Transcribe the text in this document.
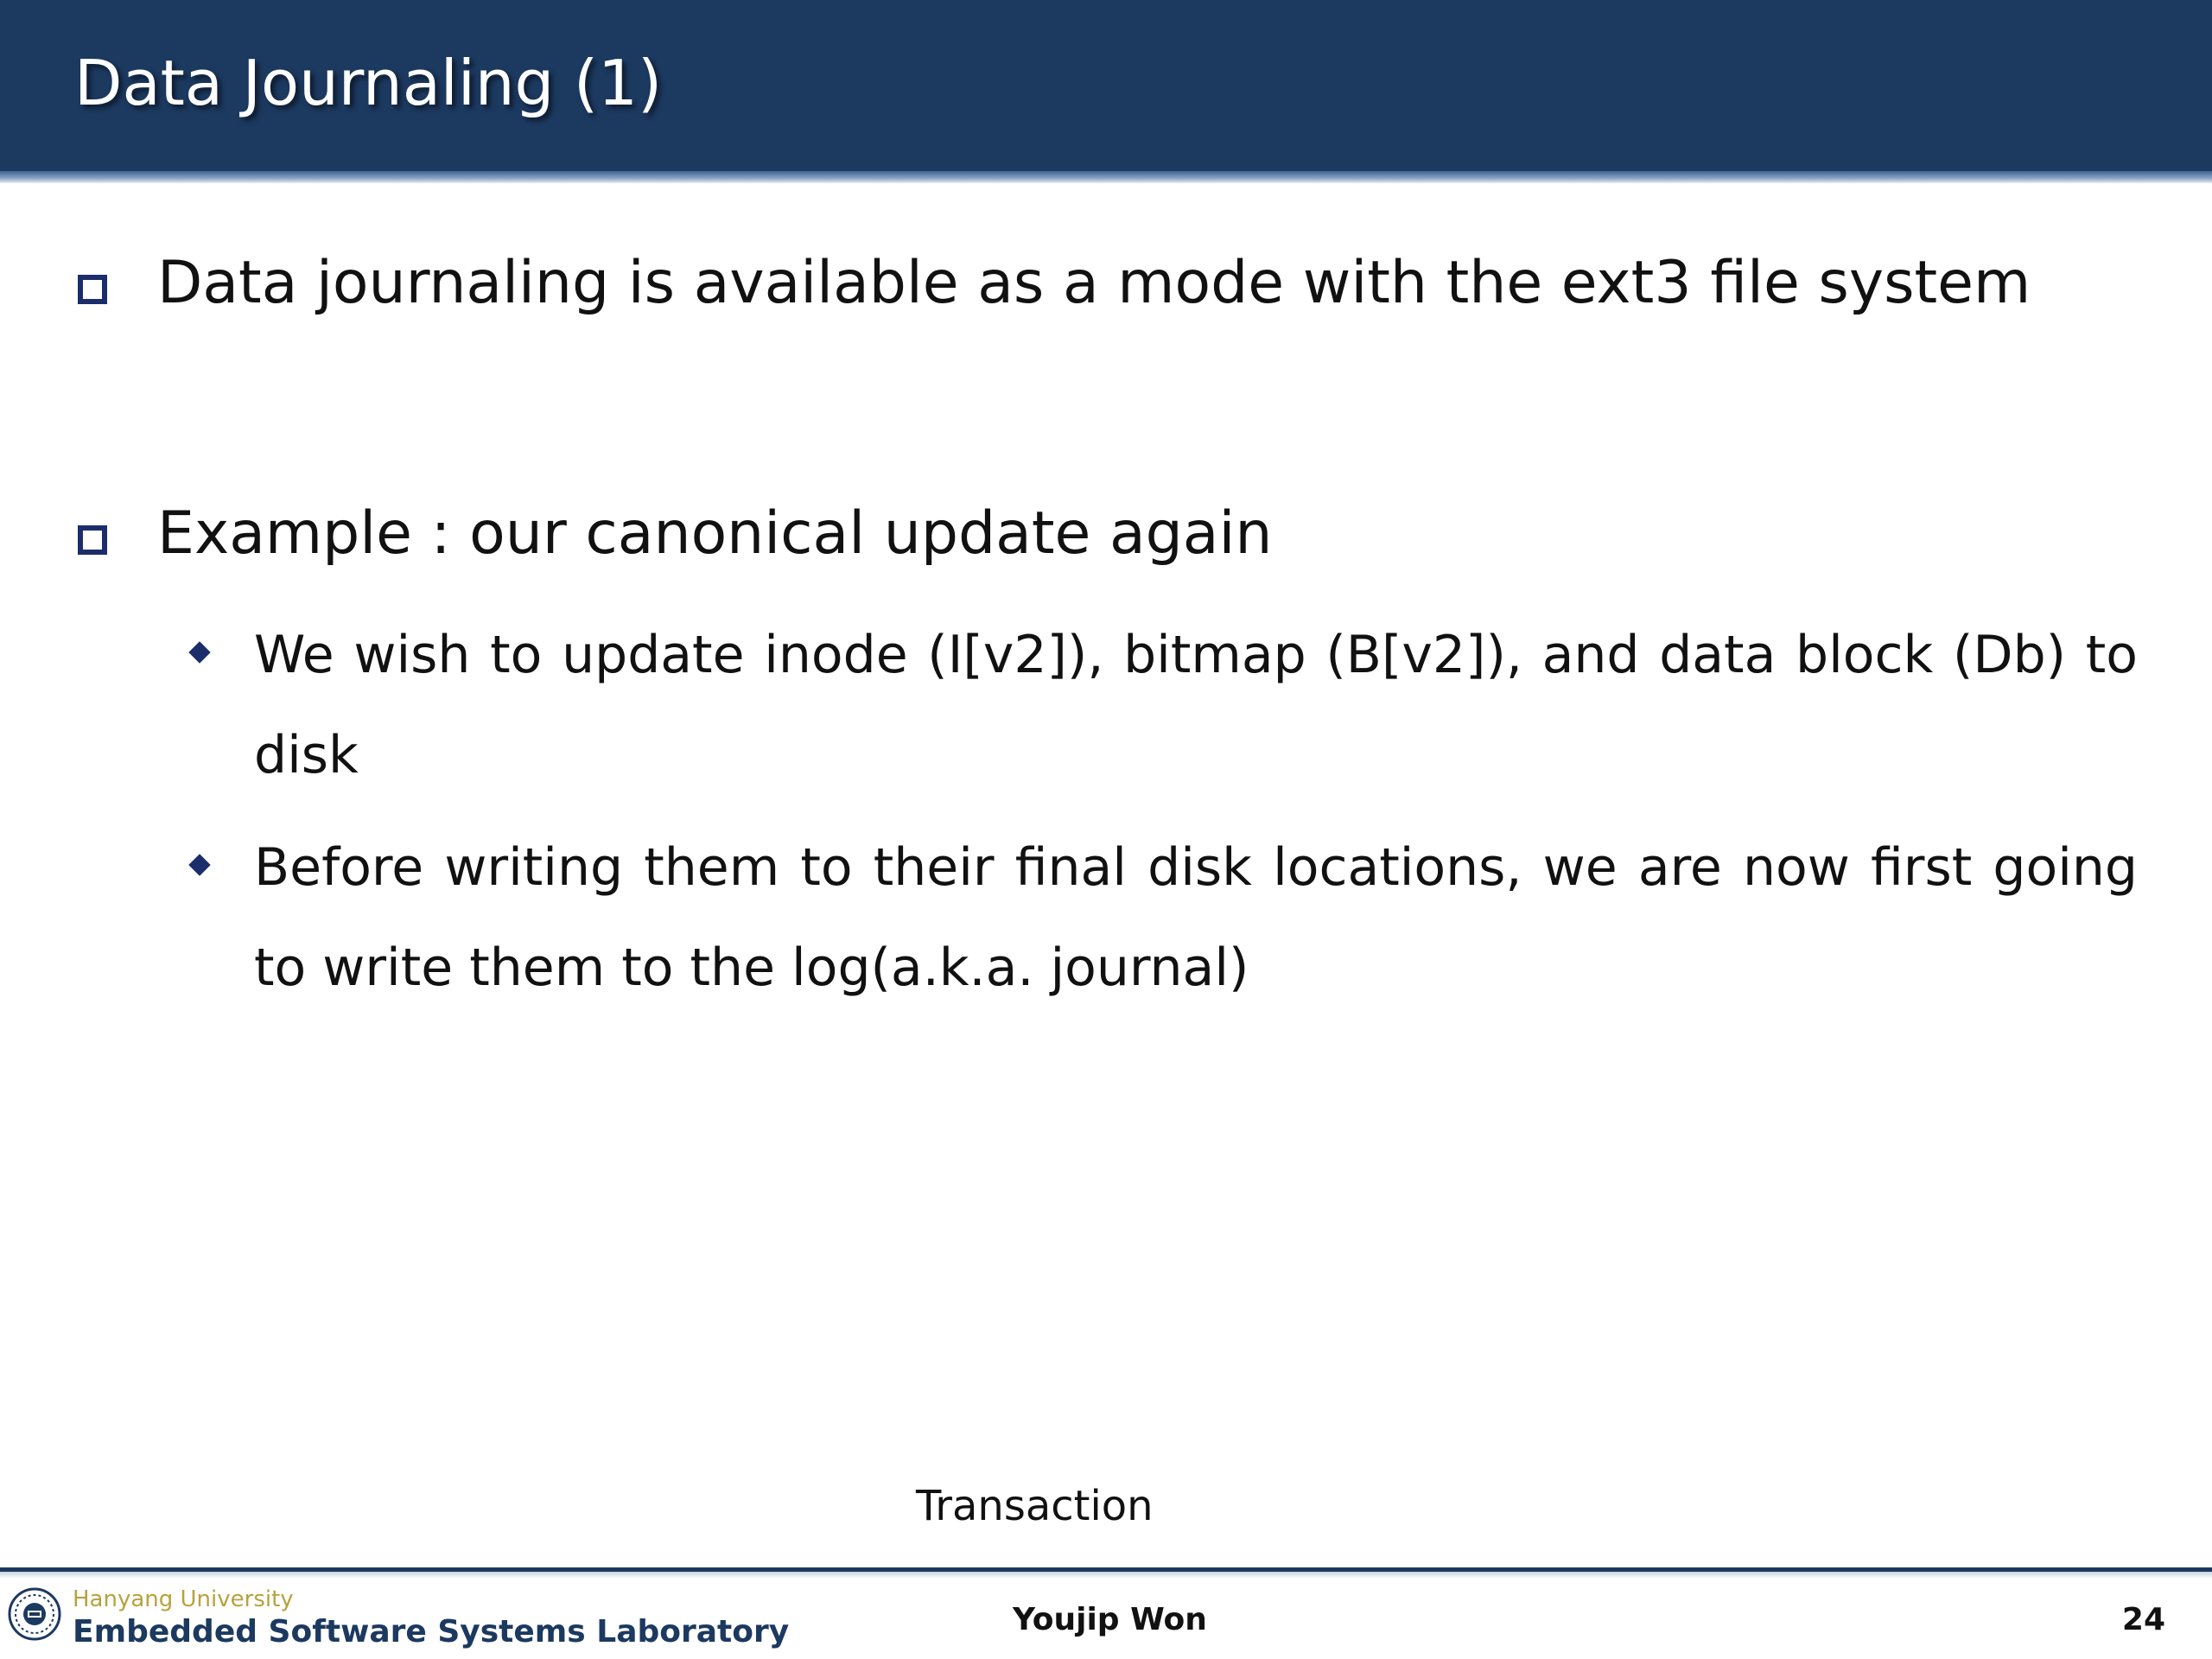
Data Journaling (1)
Data journaling is available as a mode with the ext3 file system
Example : our canonical update again
We wish to update inode (I[v2]), bitmap (B[v2]), and data block (Db) to disk
Before writing them to their final disk locations, we are now first going to write them to the log(a.k.a. journal)
Transaction
Hanyang University
Embedded Software Systems Laboratory	Youjip Won	24
